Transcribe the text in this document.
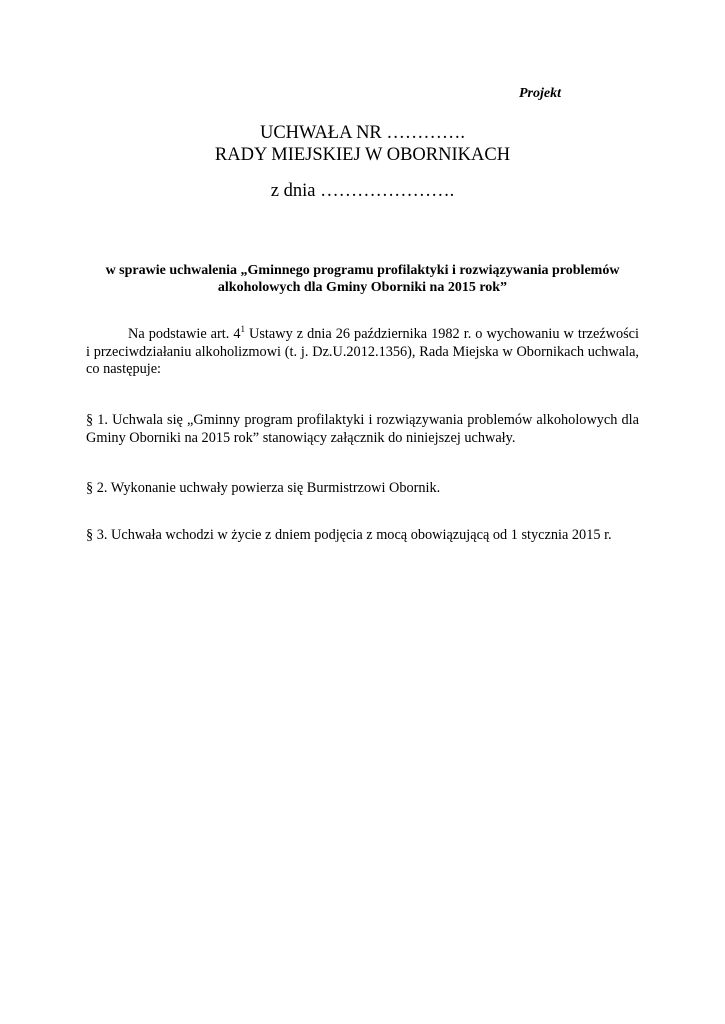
Projekt

UCHWAŁA NR ………….

RADY MIEJSKIEJ W OBORNIKACH

z dnia ………………….
w sprawie uchwalenia „Gminnego programu profilaktyki i rozwiązywania problemów
alkoholowych dla Gminy Oborniki na 2015 rok”
Na podstawie art. $4^1$ Ustawy z dnia 26 października 1982 r. o wychowaniu w trzeźwości i przeciwdziałaniu alkoholizmowi (t. j. Dz.U.2012.1356), Rada Miejska w Obornikach uchwala, co następuje:
§ 1. Uchwala się „Gminny program profilaktyki i rozwiązywania problemów alkoholowych dla Gminy Oborniki na 2015 rok” stanowiący załącznik do niniejszej uchwały.
§ 2. Wykonanie uchwały powierza się Burmistrzowi Obornik.
§ 3. Uchwała wchodzi w życie z dniem podjęcia z mocą obowiązującą od 1 stycznia 2015 r.
